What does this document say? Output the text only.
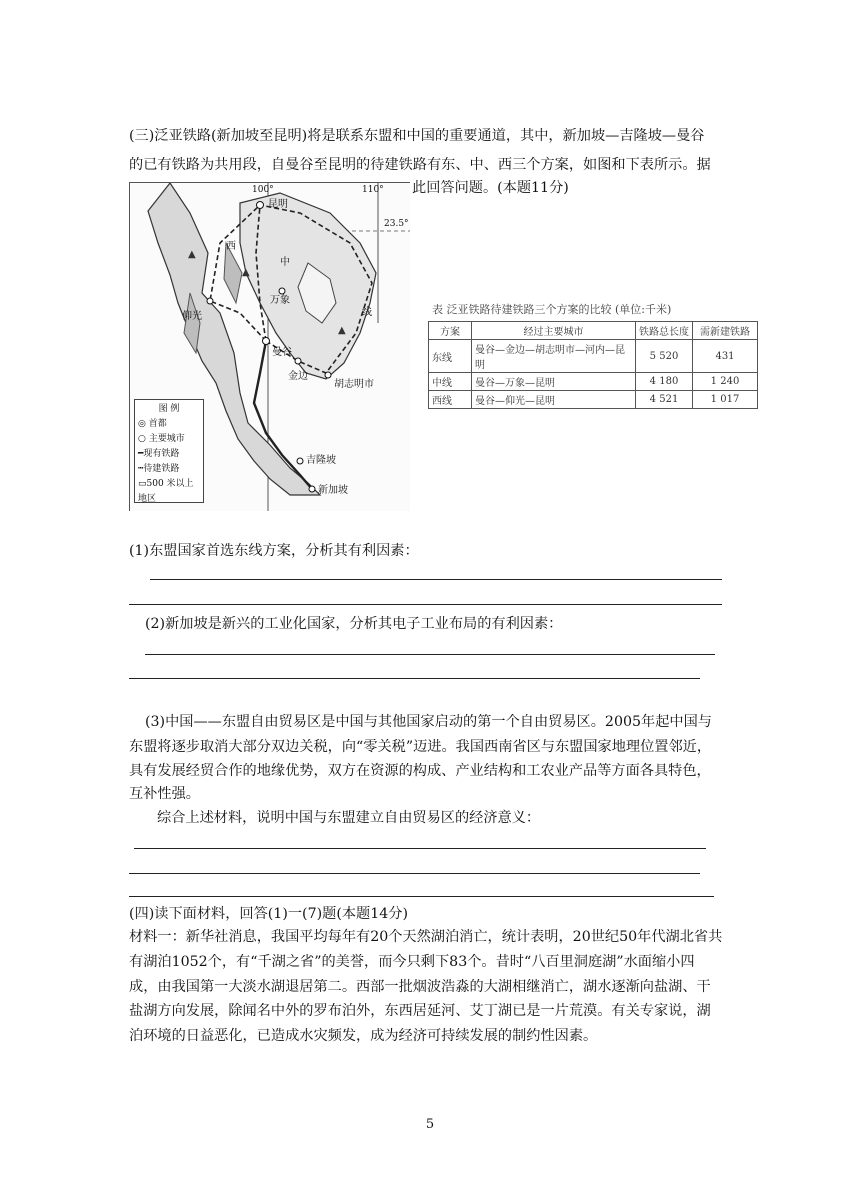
(三)泛亚铁路(新加坡至昆明)将是联系东盟和中国的重要通道，其中，新加坡—吉隆坡—曼谷
的已有铁路为共用段，自曼谷至昆明的待建铁路有东、中、西三个方案，如图和下表所示。据
此回答问题。(本题11分)
▲
▲
▲
100°	110°
23.5°
昆明
西
中
仰光
万象
曼谷
金边
胡志明市
线
吉隆坡
新加坡
图 例
◎ 首都
○ 主要城市
━现有铁路
┅待建铁路
▭500 米以上地区
表 泛亚铁路待建铁路三个方案的比较 (单位:千米)
方案	经过主要城市	铁路总长度	需新建铁路
东线	曼谷—金边—胡志明市—河内—昆明	5 520	431
中线	曼谷—万象—昆明	4 180	1 240
西线	曼谷—仰光—昆明	4 521	1 017
(1)东盟国家首选东线方案，分析其有利因素：
(2)新加坡是新兴的工业化国家，分析其电子工业布局的有利因素：
(3)中国——东盟自由贸易区是中国与其他国家启动的第一个自由贸易区。2005年起中国与
东盟将逐步取消大部分双边关税，向“零关税”迈进。我国西南省区与东盟国家地理位置邻近，
具有发展经贸合作的地缘优势，双方在资源的构成、产业结构和工农业产品等方面各具特色，
互补性强。
综合上述材料，说明中国与东盟建立自由贸易区的经济意义：
(四)读下面材料，回答(1)一(7)题(本题14分)
材料一：新华社消息，我国平均每年有20个天然湖泊消亡，统计表明，20世纪50年代湖北省共
有湖泊1052个，有“千湖之省”的美誉，而今只剩下83个。昔时“八百里洞庭湖”水面缩小四
成，由我国第一大淡水湖退居第二。西部一批烟波浩淼的大湖相继消亡，湖水逐渐向盐湖、干
盐湖方向发展，除闻名中外的罗布泊外，东西居延河、艾丁湖已是一片荒漠。有关专家说，湖
泊环境的日益恶化，已造成水灾频发，成为经济可持续发展的制约性因素。
5
